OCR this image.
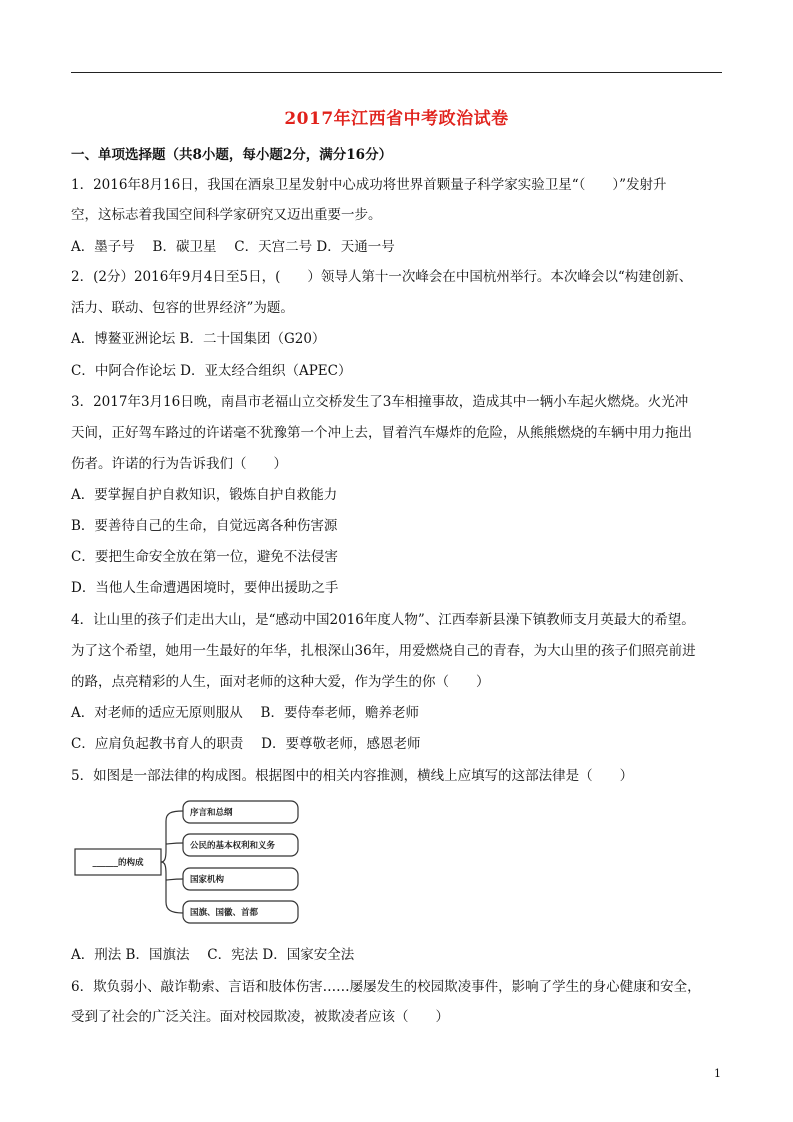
2017年江西省中考政治试卷
一、单项选择题（共8小题，每小题2分，满分16分）
1．2016年8月16日，我国在酒泉卫星发射中心成功将世界首颗量子科学家实验卫星“（　　）”发射升
空，这标志着我国空间科学家研究又迈出重要一步。
A．墨子号　 B．碳卫星　 C．天宫二号 D．天通一号
2．(2分）2016年9月4日至5日，(　　）领导人第十一次峰会在中国杭州举行。本次峰会以“构建创新、
活力、联动、包容的世界经济”为题。
A．博鳌亚洲论坛 B．二十国集团（G20）
C．中阿合作论坛 D．亚太经合组织（APEC）
3．2017年3月16日晚，南昌市老福山立交桥发生了3车相撞事故，造成其中一辆小车起火燃烧。火光冲
天间，正好驾车路过的许诺毫不犹豫第一个冲上去，冒着汽车爆炸的危险，从熊熊燃烧的车辆中用力拖出
伤者。许诺的行为告诉我们（　　）
A．要掌握自护自救知识，锻炼自护自救能力
B．要善待自己的生命，自觉远离各种伤害源
C．要把生命安全放在第一位，避免不法侵害
D．当他人生命遭遇困境时，要伸出援助之手
4．让山里的孩子们走出大山，是“感动中国2016年度人物”、江西奉新县澡下镇教师支月英最大的希望。
为了这个希望，她用一生最好的年华，扎根深山36年，用爱燃烧自己的青春，为大山里的孩子们照亮前进
的路，点亮精彩的人生，面对老师的这种大爱，作为学生的你（　　）
A．对老师的适应无原则服从　 B．要侍奉老师，赡养老师
C．应肩负起教书育人的职责　 D．要尊敬老师，感恩老师
5．如图是一部法律的构成图。根据图中的相关内容推测，横线上应填写的这部法律是（　　）
______的构成
序言和总纲
公民的基本权利和义务
国家机构
国旗、国徽、首都
A．刑法 B．国旗法　 C．宪法 D．国家安全法
6．欺负弱小、敲诈勒索、言语和肢体伤害……屡屡发生的校园欺凌事件，影响了学生的身心健康和安全，
受到了社会的广泛关注。面对校园欺凌，被欺凌者应该（　　）
1
